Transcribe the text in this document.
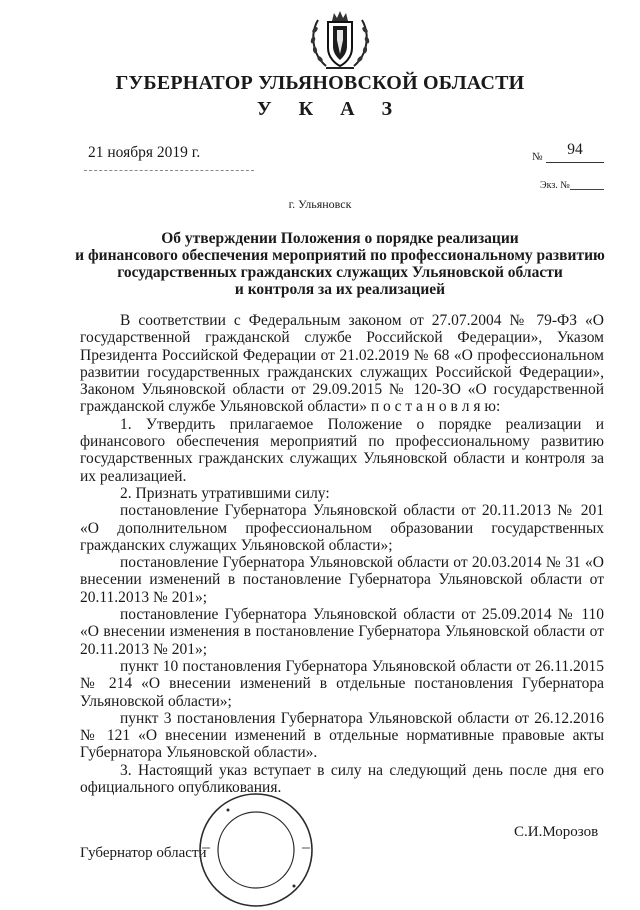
ГУБЕРНАТОР УЛЬЯНОВСКОЙ ОБЛАСТИ
У К А З
21 ноября 2019 г.	№	94
Экз. №
г. Ульяновск
Об утверждении Положения о порядке реализации
и финансового обеспечения мероприятий по профессиональному развитию
государственных гражданских служащих Ульяновской области
и контроля за их реализацией

В соответствии с Федеральным законом от 27.07.2004 № 79-ФЗ «О государственной гражданской службе Российской Федерации», Указом Президента Российской Федерации от 21.02.2019 № 68 «О профессиональном развитии государственных гражданских служащих Российской Федерации», Законом Ульяновской области от 29.09.2015 № 120-ЗО «О государственной гражданской службе Ульяновской области» п о с т а н о в л я ю:

1. Утвердить прилагаемое Положение о порядке реализации и финансового обеспечения мероприятий по профессиональному развитию государственных гражданских служащих Ульяновской области и контроля за их реализацией.

2. Признать утратившими силу:

постановление Губернатора Ульяновской области от 20.11.2013 № 201 «О дополнительном профессиональном образовании государственных гражданских служащих Ульяновской области»;

постановление Губернатора Ульяновской области от 20.03.2014 № 31 «О внесении изменений в постановление Губернатора Ульяновской области от 20.11.2013 № 201»;

постановление Губернатора Ульяновской области от 25.09.2014 № 110 «О внесении изменения в постановление Губернатора Ульяновской области от 20.11.2013 № 201»;

пункт 10 постановления Губернатора Ульяновской области от 26.11.2015 № 214 «О внесении изменений в отдельные постановления Губернатора Ульяновской области»;

пункт 3 постановления Губернатора Ульяновской области от 26.12.2016 № 121 «О внесении изменений в отдельные нормативные правовые акты Губернатора Ульяновской области».

3. Настоящий указ вступает в силу на следующий день после дня его официального опубликования.

Губернатор области
С.И.Морозов
